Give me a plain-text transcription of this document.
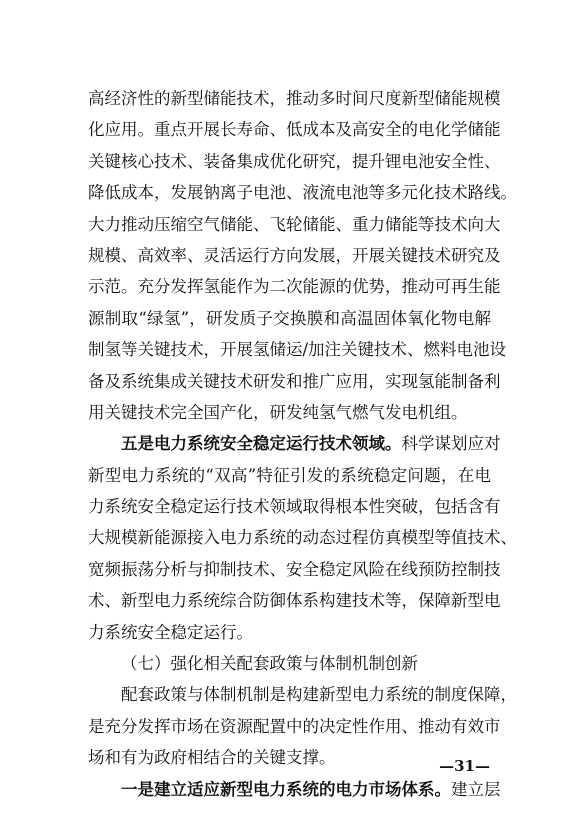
高经济性的新型储能技术，推动多时间尺度新型储能规模
化应用。重点开展长寿命、低成本及高安全的电化学储能
关键核心技术、装备集成优化研究，提升锂电池安全性、
降低成本，发展钠离子电池、液流电池等多元化技术路线。
大力推动压缩空气储能、飞轮储能、重力储能等技术向大
规模、高效率、灵活运行方向发展，开展关键技术研究及
示范。充分发挥氢能作为二次能源的优势，推动可再生能
源制取“绿氢”，研发质子交换膜和高温固体氧化物电解
制氢等关键技术，开展氢储运/加注关键技术、燃料电池设
备及系统集成关键技术研发和推广应用，实现氢能制备利
用关键技术完全国产化，研发纯氢气燃气发电机组。
五是电力系统安全稳定运行技术领域。科学谋划应对
新型电力系统的“双高”特征引发的系统稳定问题，在电
力系统安全稳定运行技术领域取得根本性突破，包括含有
大规模新能源接入电力系统的动态过程仿真模型等值技术、
宽频振荡分析与抑制技术、安全稳定风险在线预防控制技
术、新型电力系统综合防御体系构建技术等，保障新型电
力系统安全稳定运行。
（七）强化相关配套政策与体制机制创新
配套政策与体制机制是构建新型电力系统的制度保障，
是充分发挥市场在资源配置中的决定性作用、推动有效市
场和有为政府相结合的关键支撑。
一是建立适应新型电力系统的电力市场体系。建立层
—31—
